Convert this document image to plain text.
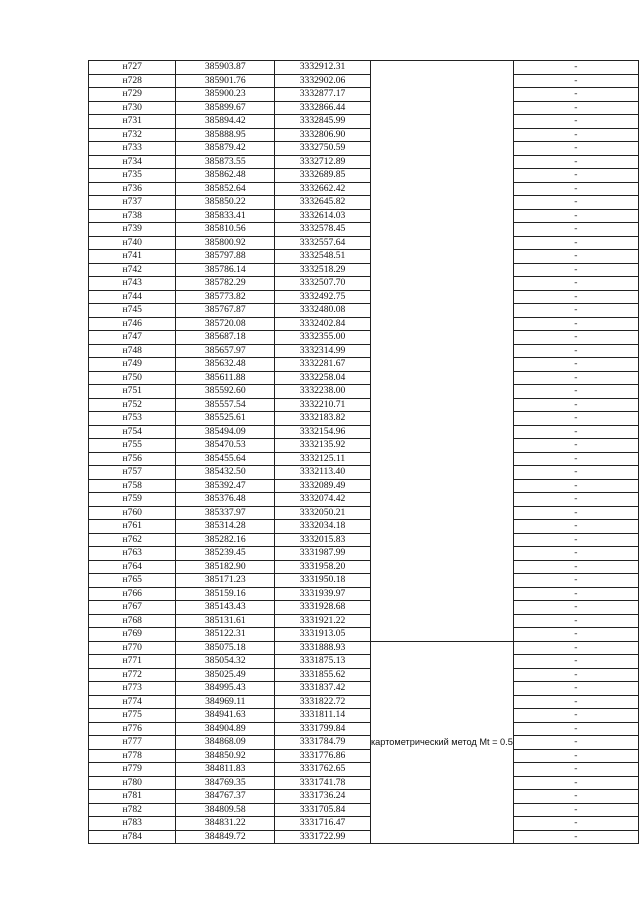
н727	385903.87	3332912.31		-
н728	385901.76	3332902.06		-
н729	385900.23	3332877.17		-
н730	385899.67	3332866.44		-
н731	385894.42	3332845.99		-
н732	385888.95	3332806.90		-
н733	385879.42	3332750.59		-
н734	385873.55	3332712.89		-
н735	385862.48	3332689.85		-
н736	385852.64	3332662.42		-
н737	385850.22	3332645.82		-
н738	385833.41	3332614.03		-
н739	385810.56	3332578.45		-
н740	385800.92	3332557.64		-
н741	385797.88	3332548.51		-
н742	385786.14	3332518.29		-
н743	385782.29	3332507.70		-
н744	385773.82	3332492.75		-
н745	385767.87	3332480.08		-
н746	385720.08	3332402.84		-
н747	385687.18	3332355.00		-
н748	385657.97	3332314.99		-
н749	385632.48	3332281.67		-
н750	385611.88	3332258.04		-
н751	385592.60	3332238.00		-
н752	385557.54	3332210.71		-
н753	385525.61	3332183.82		-
н754	385494.09	3332154.96		-
н755	385470.53	3332135.92		-
н756	385455.64	3332125.11		-
н757	385432.50	3332113.40		-
н758	385392.47	3332089.49		-
н759	385376.48	3332074.42		-
н760	385337.97	3332050.21		-
н761	385314.28	3332034.18		-
н762	385282.16	3332015.83		-
н763	385239.45	3331987.99		-
н764	385182.90	3331958.20		-
н765	385171.23	3331950.18		-
н766	385159.16	3331939.97		-
н767	385143.43	3331928.68		-
н768	385131.61	3331921.22		-
н769	385122.31	3331913.05		-
н770	385075.18	3331888.93	картометрический метод Mt = 0.5	-
н771	385054.32	3331875.13		-
н772	385025.49	3331855.62		-
н773	384995.43	3331837.42		-
н774	384969.11	3331822.72		-
н775	384941.63	3331811.14		-
н776	384904.89	3331799.84		-
н777	384868.09	3331784.79		-
н778	384850.92	3331776.86		-
н779	384811.83	3331762.65		-
н780	384769.35	3331741.78		-
н781	384767.37	3331736.24		-
н782	384809.58	3331705.84		-
н783	384831.22	3331716.47		-
н784	384849.72	3331722.99		-
